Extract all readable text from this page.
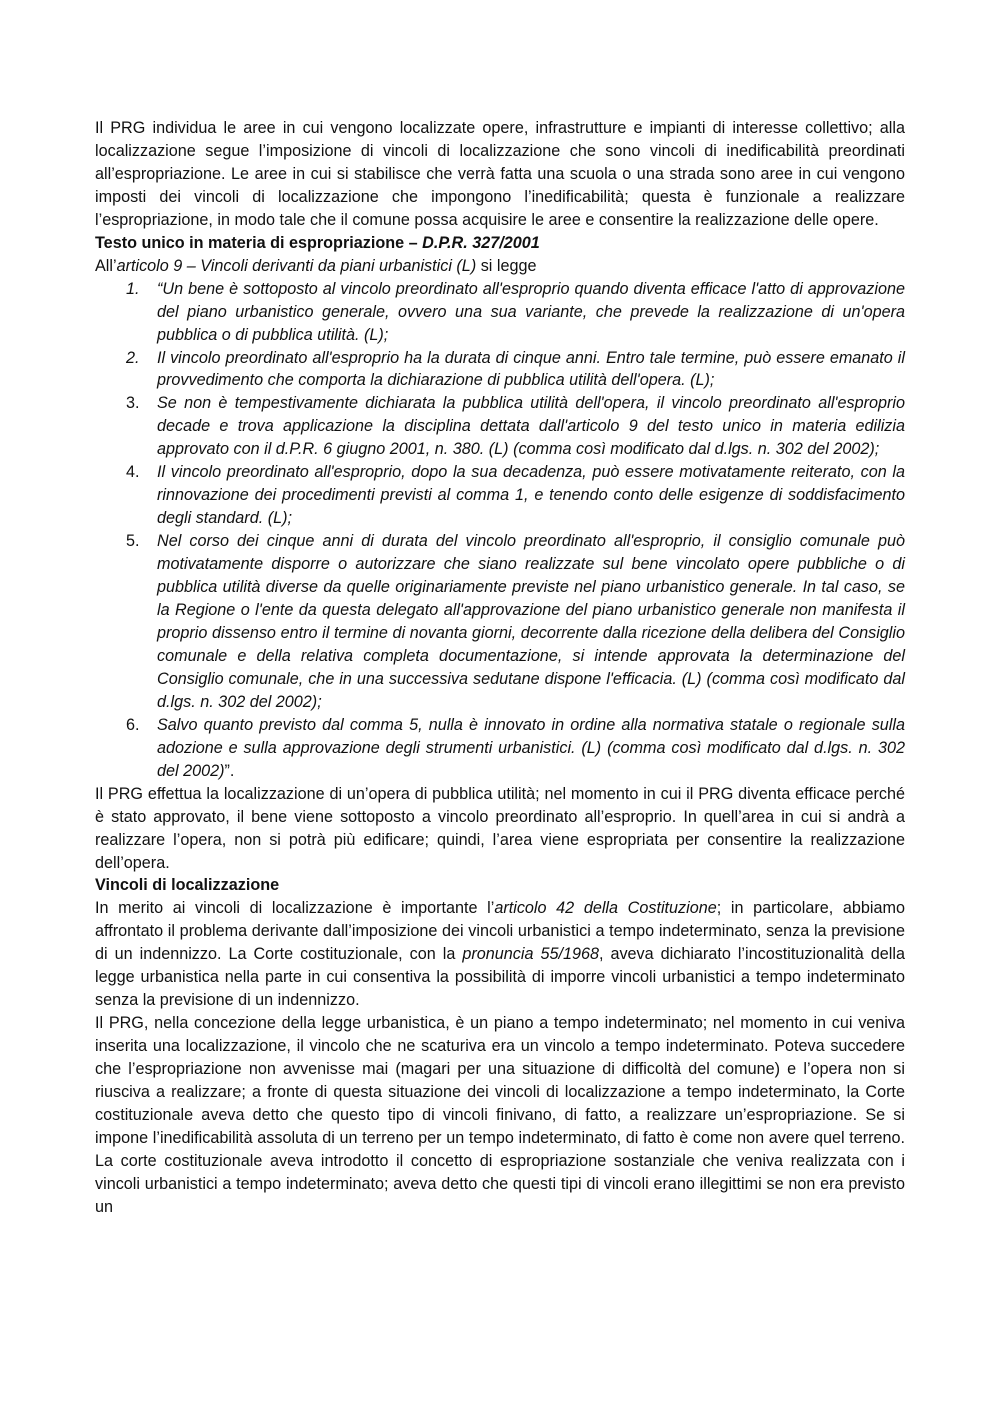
Il PRG individua le aree in cui vengono localizzate opere, infrastrutture e impianti di interesse collettivo; alla localizzazione segue l’imposizione di vincoli di localizzazione che sono vincoli di inedificabilità preordinati all’espropriazione. Le aree in cui si stabilisce che verrà fatta una scuola o una strada sono aree in cui vengono imposti dei vincoli di localizzazione che impongono l’inedificabilità; questa è funzionale a realizzare l’espropriazione, in modo tale che il comune possa acquisire le aree e consentire la realizzazione delle opere.

Testo unico in materia di espropriazione – D.P.R. 327/2001

All’articolo 9 – Vincoli derivanti da piani urbanistici (L) si legge

1. “Un bene è sottoposto al vincolo preordinato all'esproprio quando diventa efficace l'atto di approvazione del piano urbanistico generale, ovvero una sua variante, che prevede la realizzazione di un'opera pubblica o di pubblica utilità. (L);
2. Il vincolo preordinato all'esproprio ha la durata di cinque anni. Entro tale termine, può essere emanato il provvedimento che comporta la dichiarazione di pubblica utilità dell'opera. (L);
3. Se non è tempestivamente dichiarata la pubblica utilità dell'opera, il vincolo preordinato all'esproprio decade e trova applicazione la disciplina dettata dall'articolo 9 del testo unico in materia edilizia approvato con il d.P.R. 6 giugno 2001, n. 380. (L) (comma così modificato dal d.lgs. n. 302 del 2002);
4. Il vincolo preordinato all'esproprio, dopo la sua decadenza, può essere motivatamente reiterato, con la rinnovazione dei procedimenti previsti al comma 1, e tenendo conto delle esigenze di soddisfacimento degli standard. (L);
5. Nel corso dei cinque anni di durata del vincolo preordinato all'esproprio, il consiglio comunale può motivatamente disporre o autorizzare che siano realizzate sul bene vincolato opere pubbliche o di pubblica utilità diverse da quelle originariamente previste nel piano urbanistico generale. In tal caso, se la Regione o l'ente da questa delegato all'approvazione del piano urbanistico generale non manifesta il proprio dissenso entro il termine di novanta giorni, decorrente dalla ricezione della delibera del Consiglio comunale e della relativa completa documentazione, si intende approvata la determinazione del Consiglio comunale, che in una successiva sedutane dispone l'efficacia. (L) (comma così modificato dal d.lgs. n. 302 del 2002);
6. Salvo quanto previsto dal comma 5, nulla è innovato in ordine alla normativa statale o regionale sulla adozione e sulla approvazione degli strumenti urbanistici. (L) (comma così modificato dal d.lgs. n. 302 del 2002)”.

Il PRG effettua la localizzazione di un’opera di pubblica utilità; nel momento in cui il PRG diventa efficace perché è stato approvato, il bene viene sottoposto a vincolo preordinato all’esproprio. In quell’area in cui si andrà a realizzare l’opera, non si potrà più edificare; quindi, l’area viene espropriata per consentire la realizzazione dell’opera.

Vincoli di localizzazione

In merito ai vincoli di localizzazione è importante l’articolo 42 della Costituzione; in particolare, abbiamo affrontato il problema derivante dall’imposizione dei vincoli urbanistici a tempo indeterminato, senza la previsione di un indennizzo. La Corte costituzionale, con la pronuncia 55/1968, aveva dichiarato l’incostituzionalità della legge urbanistica nella parte in cui consentiva la possibilità di imporre vincoli urbanistici a tempo indeterminato senza la previsione di un indennizzo.

Il PRG, nella concezione della legge urbanistica, è un piano a tempo indeterminato; nel momento in cui veniva inserita una localizzazione, il vincolo che ne scaturiva era un vincolo a tempo indeterminato. Poteva succedere che l’espropriazione non avvenisse mai (magari per una situazione di difficoltà del comune) e l’opera non si riusciva a realizzare; a fronte di questa situazione dei vincoli di localizzazione a tempo indeterminato, la Corte costituzionale aveva detto che questo tipo di vincoli finivano, di fatto, a realizzare un’espropriazione. Se si impone l’inedificabilità assoluta di un terreno per un tempo indeterminato, di fatto è come non avere quel terreno. La corte costituzionale aveva introdotto il concetto di espropriazione sostanziale che veniva realizzata con i vincoli urbanistici a tempo indeterminato; aveva detto che questi tipi di vincoli erano illegittimi se non era previsto un
